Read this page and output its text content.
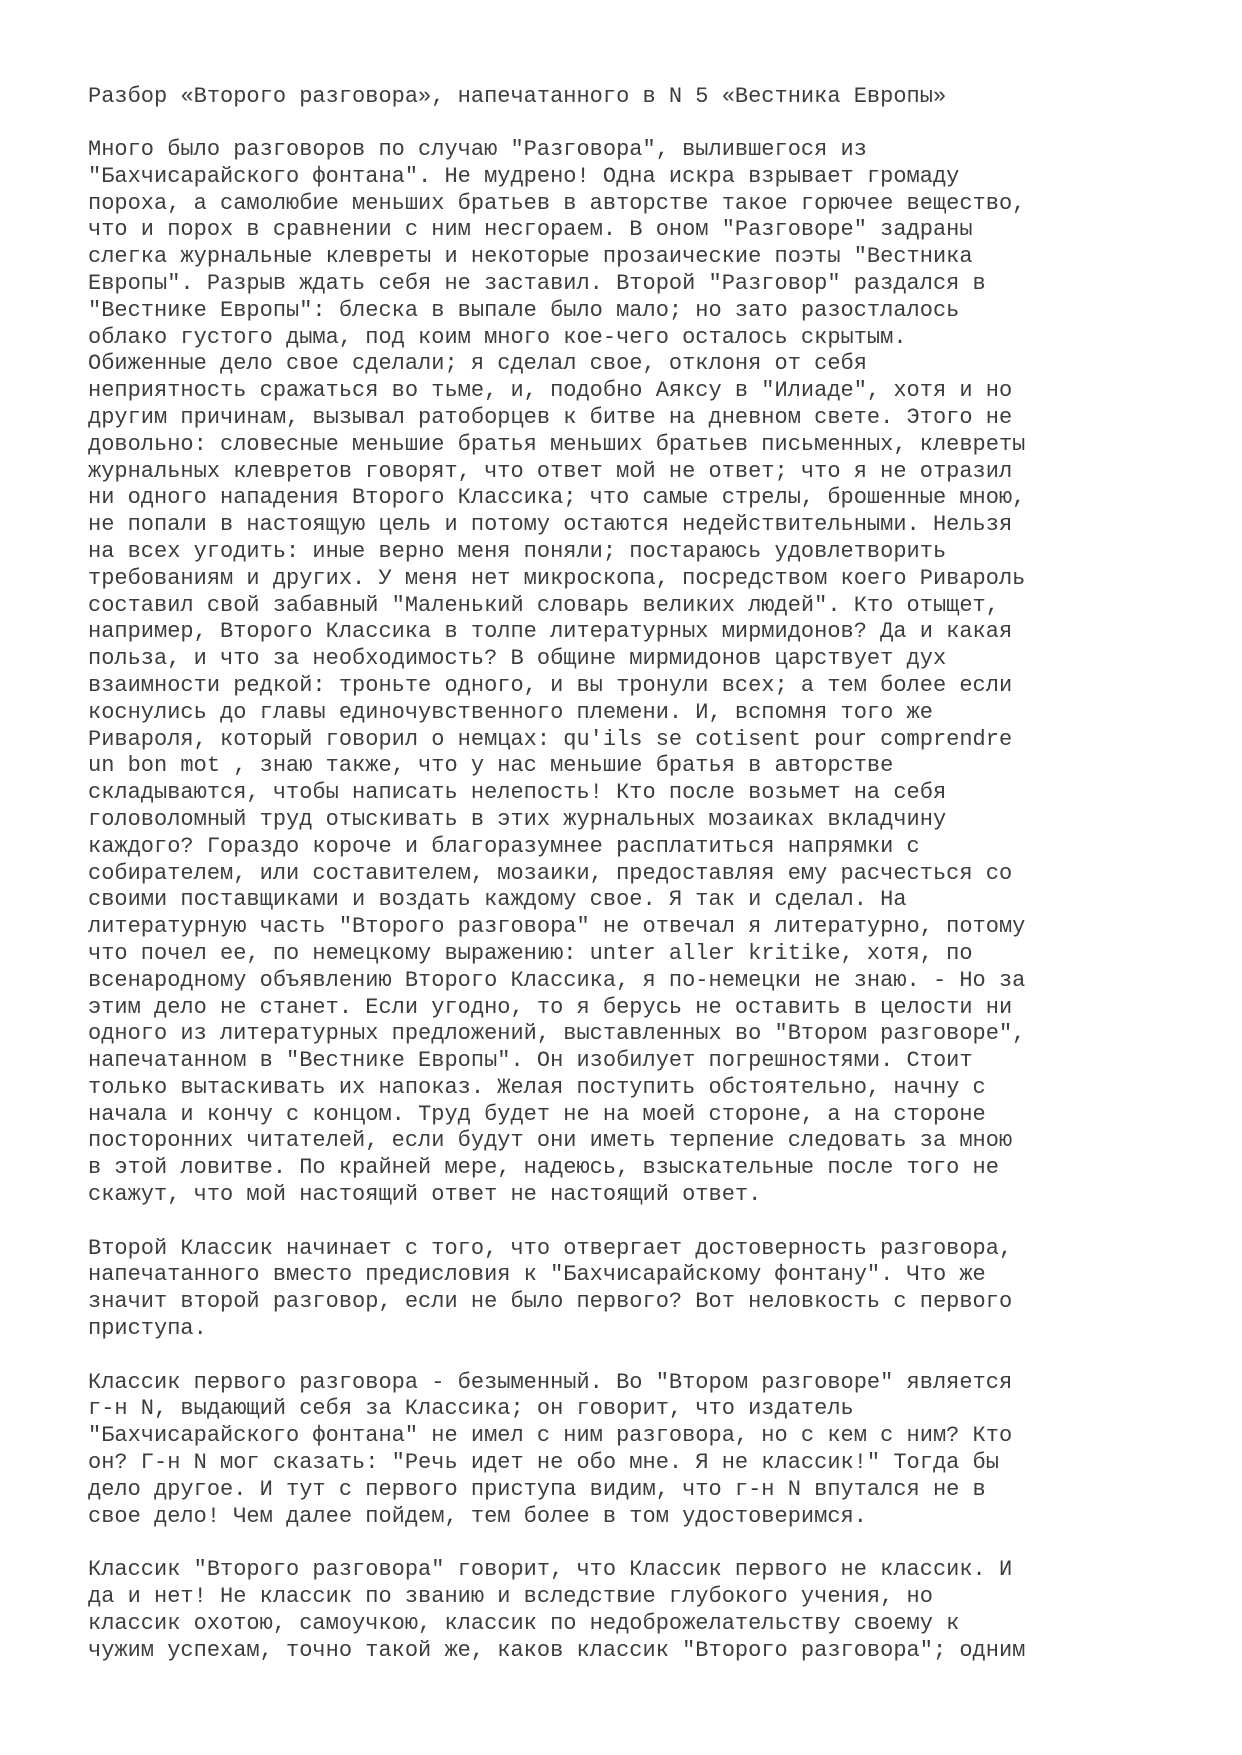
Разбор «Второго разговора», напечатанного в N 5 «Вестника Европы»
Много было разговоров по случаю "Разговора", вылившегося из
"Бахчисарайского фонтана". Не мудрено! Одна искра взрывает громаду
пороха, а самолюбие меньших братьев в авторстве такое горючее вещество,
что и порох в сравнении с ним несгораем. В оном "Разговоре" задраны
слегка журнальные клевреты и некоторые прозаические поэты "Вестника
Европы". Разрыв ждать себя не заставил. Второй "Разговор" раздался в
"Вестнике Европы": блеска в выпале было мало; но зато разостлалось
облако густого дыма, под коим много кое-чего осталось скрытым.
Обиженные дело свое сделали; я сделал свое, отклоня от себя
неприятность сражаться во тьме, и, подобно Аяксу в "Илиаде", хотя и но
другим причинам, вызывал ратоборцев к битве на дневном свете. Этого не
довольно: словесные меньшие братья меньших братьев письменных, клевреты
журнальных клевретов говорят, что ответ мой не ответ; что я не отразил
ни одного нападения Второго Классика; что самые стрелы, брошенные мною,
не попали в настоящую цель и потому остаются недействительными. Нельзя
на всех угодить: иные верно меня поняли; постараюсь удовлетворить
требованиям и других. У меня нет микроскопа, посредством коего Ривароль
составил свой забавный "Маленький словарь великих людей". Кто отыщет,
например, Второго Классика в толпе литературных мирмидонов? Да и какая
польза, и что за необходимость? В общине мирмидонов царствует дух
взаимности редкой: троньте одного, и вы тронули всех; а тем более если
коснулись до главы единочувственного племени. И, вспомня того же
Ривароля, который говорил о немцах: qu'ils se cotisent pour comprendre
un bon mot , знаю также, что у нас меньшие братья в авторстве
складываются, чтобы написать нелепость! Кто после возьмет на себя
головоломный труд отыскивать в этих журнальных мозаиках вкладчину
каждого? Гораздо короче и благоразумнее расплатиться напрямки с
собирателем, или составителем, мозаики, предоставляя ему расчесться со
своими поставщиками и воздать каждому свое. Я так и сделал. На
литературную часть "Второго разговора" не отвечал я литературно, потому
что почел ее, по немецкому выражению: unter aller kritike, хотя, по
всенародному объявлению Второго Классика, я по-немецки не знаю. - Но за
этим дело не станет. Если угодно, то я берусь не оставить в целости ни
одного из литературных предложений, выставленных во "Втором разговоре",
напечатанном в "Вестнике Европы". Он изобилует погрешностями. Стоит
только вытаскивать их напоказ. Желая поступить обстоятельно, начну с
начала и кончу с концом. Труд будет не на моей стороне, а на стороне
посторонних читателей, если будут они иметь терпение следовать за мною
в этой ловитве. По крайней мере, надеюсь, взыскательные после того не
скажут, что мой настоящий ответ не настоящий ответ.
Второй Классик начинает с того, что отвергает достоверность разговора,
напечатанного вместо предисловия к "Бахчисарайскому фонтану". Что же
значит второй разговор, если не было первого? Вот неловкость с первого
приступа.
Классик первого разговора - безыменный. Во "Втором разговоре" является
г-н N, выдающий себя за Классика; он говорит, что издатель
"Бахчисарайского фонтана" не имел с ним разговора, но с кем с ним? Кто
он? Г-н N мог сказать: "Речь идет не обо мне. Я не классик!" Тогда бы
дело другое. И тут с первого приступа видим, что г-н N впутался не в
свое дело! Чем далее пойдем, тем более в том удостоверимся.
Классик "Второго разговора" говорит, что Классик первого не классик. И
да и нет! Не классик по званию и вследствие глубокого учения, но
классик охотою, самоучкою, классик по недоброжелательству своему к
чужим успехам, точно такой же, каков классик "Второго разговора"; одним
